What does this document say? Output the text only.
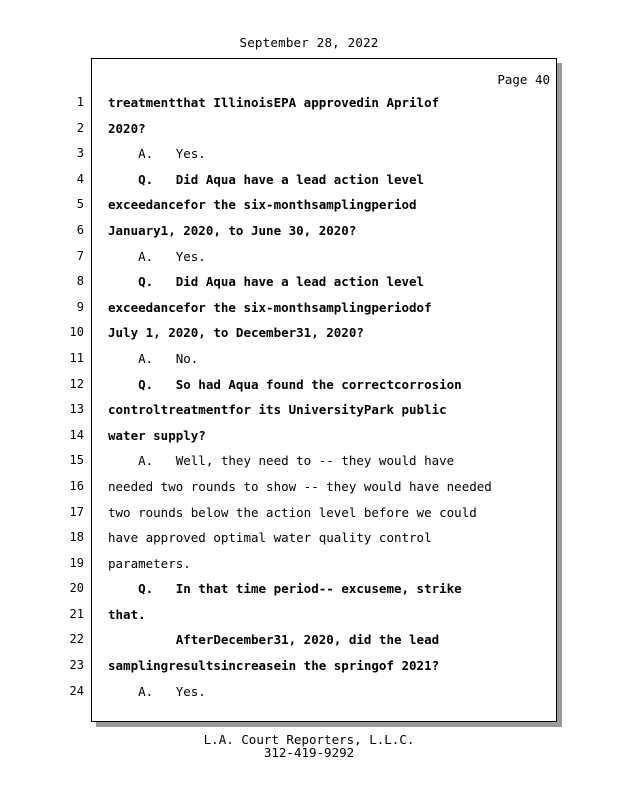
September 28, 2022
Page 40
1
2
3
4
5
6
7
8
9
10
11
12
13
14
15
16
17
18
19
20
21
22
23
24
treatmentthat IllinoisEPA approvedin Aprilof
2020?
A.   Yes.
Q.   Did Aqua have a lead action level
exceedancefor the six-monthsamplingperiod
January1, 2020, to June 30, 2020?
A.   Yes.
Q.   Did Aqua have a lead action level
exceedancefor the six-monthsamplingperiodof
July 1, 2020, to December31, 2020?
A.   No.
Q.   So had Aqua found the correctcorrosion
controltreatmentfor its UniversityPark public
water supply?
A.   Well, they need to -- they would have
needed two rounds to show -- they would have needed
two rounds below the action level before we could
have approved optimal water quality control
parameters.
Q.   In that time period-- excuseme, strike
that.
AfterDecember31, 2020, did the lead
samplingresultsincreasein the springof 2021?
A.   Yes.
L.A. Court Reporters, L.L.C.
312-419-9292
